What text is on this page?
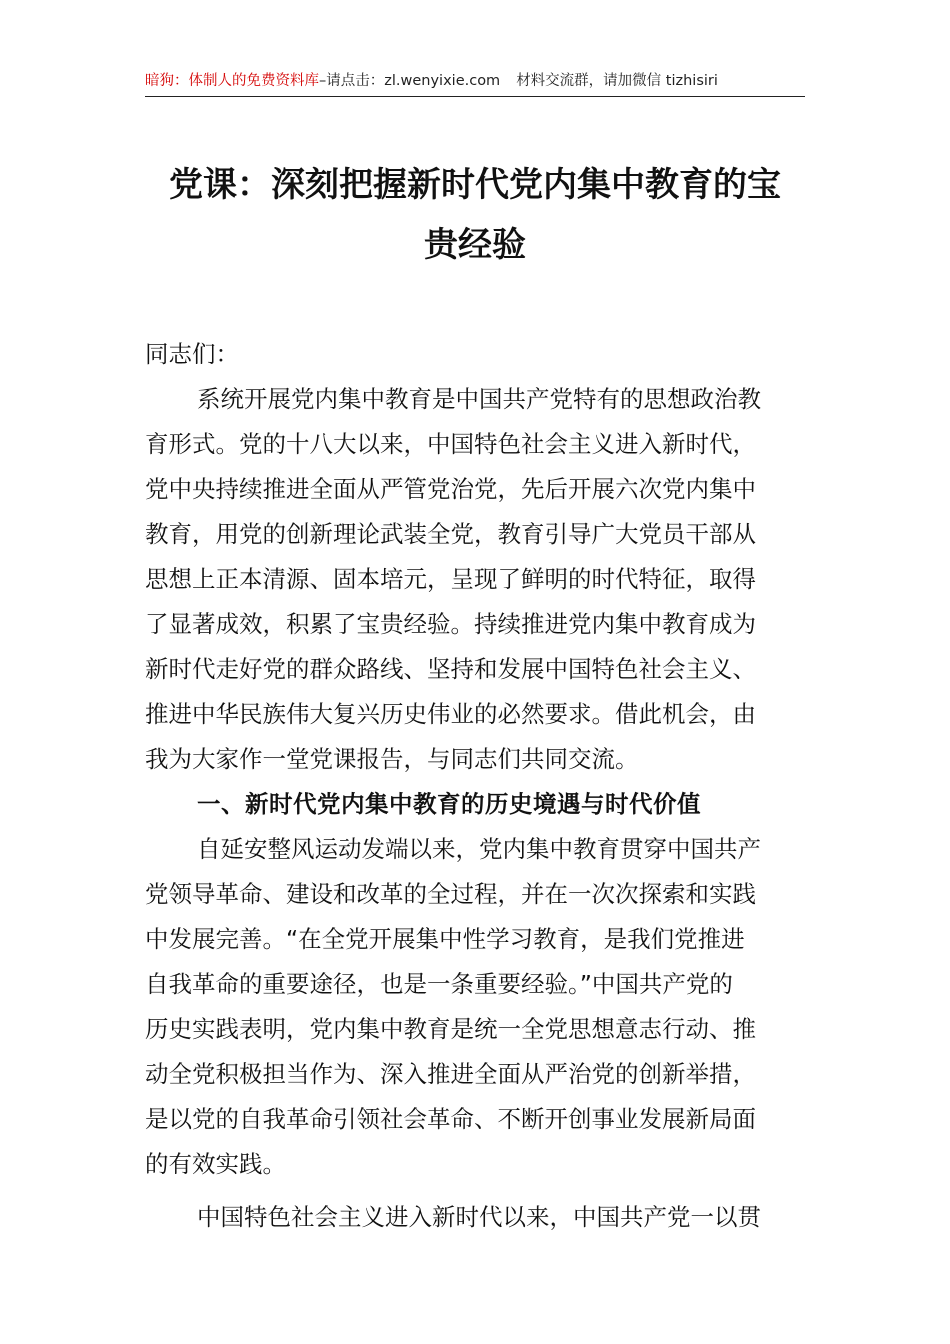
暗狗：体制人的免费资料库–请点击：zl.wenyixie.com 材料交流群，请加微信 tizhisiri
党课：深刻把握新时代党内集中教育的宝
贵经验
同志们：
系统开展党内集中教育是中国共产党特有的思想政治教
育形式。党的十八大以来，中国特色社会主义进入新时代，
党中央持续推进全面从严管党治党，先后开展六次党内集中
教育，用党的创新理论武装全党，教育引导广大党员干部从
思想上正本清源、固本培元，呈现了鲜明的时代特征，取得
了显著成效，积累了宝贵经验。持续推进党内集中教育成为
新时代走好党的群众路线、坚持和发展中国特色社会主义、
推进中华民族伟大复兴历史伟业的必然要求。借此机会，由
我为大家作一堂党课报告，与同志们共同交流。
一、新时代党内集中教育的历史境遇与时代价值
自延安整风运动发端以来，党内集中教育贯穿中国共产
党领导革命、建设和改革的全过程，并在一次次探索和实践
中发展完善。“在全党开展集中性学习教育，是我们党推进
自我革命的重要途径，也是一条重要经验。”中国共产党的
历史实践表明，党内集中教育是统一全党思想意志行动、推
动全党积极担当作为、深入推进全面从严治党的创新举措，
是以党的自我革命引领社会革命、不断开创事业发展新局面
的有效实践。
中国特色社会主义进入新时代以来，中国共产党一以贯
